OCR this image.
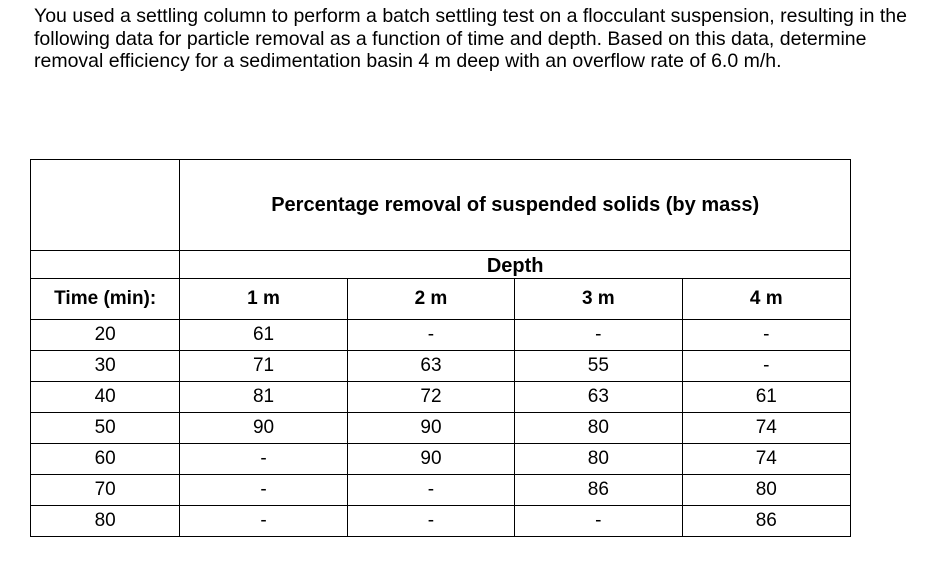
You used a settling column to perform a batch settling test on a flocculant suspension, resulting in the following data for particle removal as a function of time and depth. Based on this data, determine removal efficiency for a sedimentation basin 4 m deep with an overflow rate of 6.0 m/h.

	Percentage removal of suspended solids (by mass)			
	Depth			
Time (min):	1 m	2 m	3 m	4 m
20	61	-	-	-
30	71	63	55	-
40	81	72	63	61
50	90	90	80	74
60	-	90	80	74
70	-	-	86	80
80	-	-	-	86
